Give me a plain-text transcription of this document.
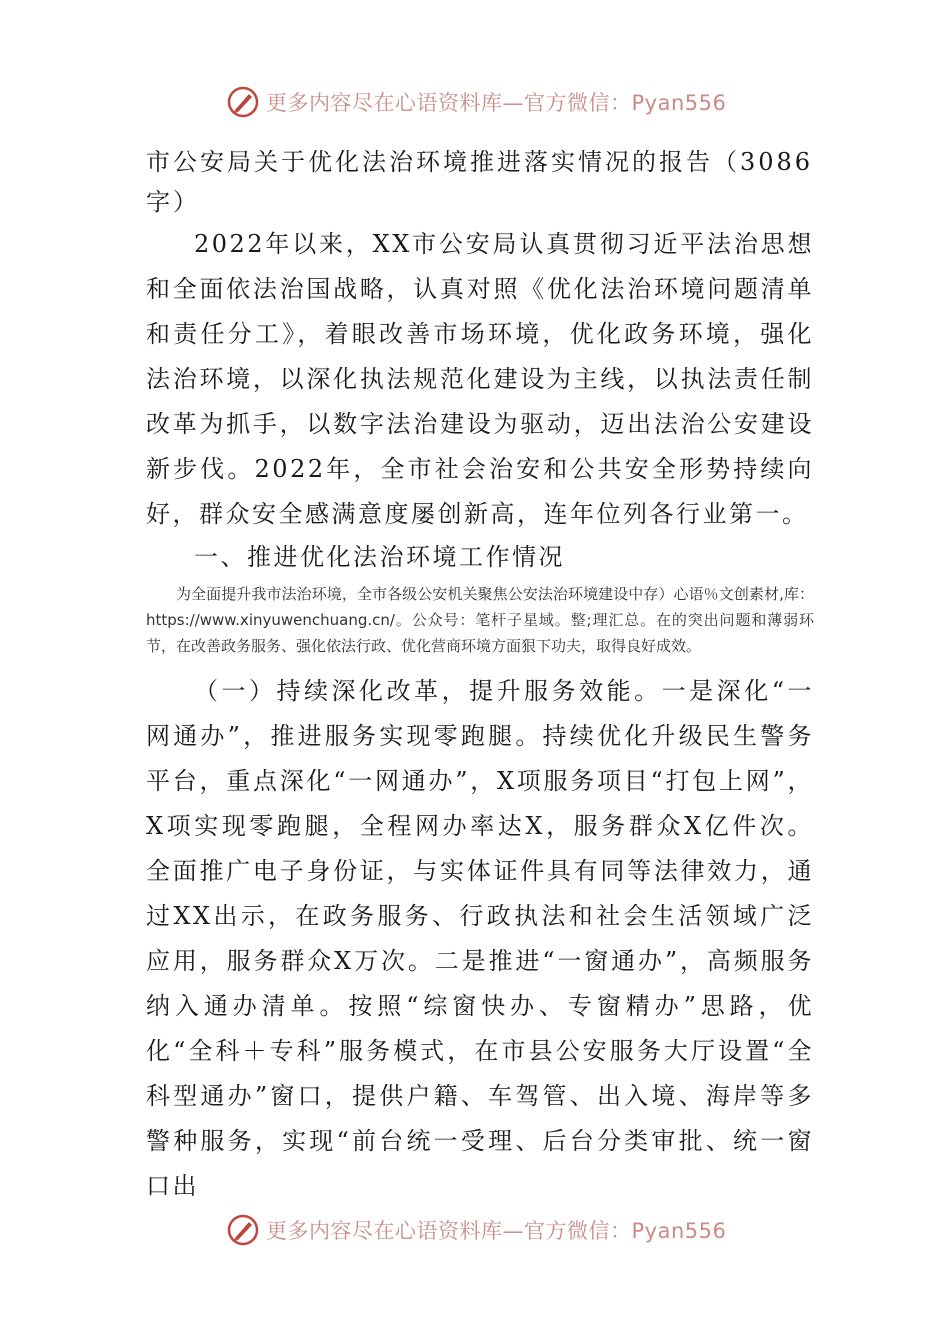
更多内容尽在心语资料库—官方微信：Pyan556

市公安局关于优化法治环境推进落实情况的报告（3086字）

2022年以来，XX市公安局认真贯彻习近平法治思想和全面依法治国战略，认真对照《优化法治环境问题清单和责任分工》，着眼改善市场环境，优化政务环境，强化法治环境，以深化执法规范化建设为主线，以执法责任制改革为抓手，以数字法治建设为驱动，迈出法治公安建设新步伐。2022年，全市社会治安和公共安全形势持续向好，群众安全感满意度屡创新高，连年位列各行业第一。

一、推进优化法治环境工作情况

为全面提升我市法治环境，全市各级公安机关聚焦公安法治环境建设中存）心语％文创素材,库：https://www.xinyuwenchuang.cn/。公众号：笔杆子星域。整;理汇总。在的突出问题和薄弱环节，在改善政务服务、强化依法行政、优化营商环境方面狠下功夫，取得良好成效。

（一）持续深化改革，提升服务效能。一是深化“一网通办”，推进服务实现零跑腿。持续优化升级民生警务平台，重点深化“一网通办”，X项服务项目“打包上网”，X项实现零跑腿，全程网办率达X，服务群众X亿件次。全面推广电子身份证，与实体证件具有同等法律效力，通过XX出示，在政务服务、行政执法和社会生活领域广泛应用，服务群众X万次。二是推进“一窗通办”，高频服务纳入通办清单。按照“综窗快办、专窗精办”思路，优化“全科＋专科”服务模式，在市县公安服务大厅设置“全科型通办”窗口，提供户籍、车驾管、出入境、海岸等多警种服务，实现“前台统一受理、后台分类审批、统一窗口出

更多内容尽在心语资料库—官方微信：Pyan556
